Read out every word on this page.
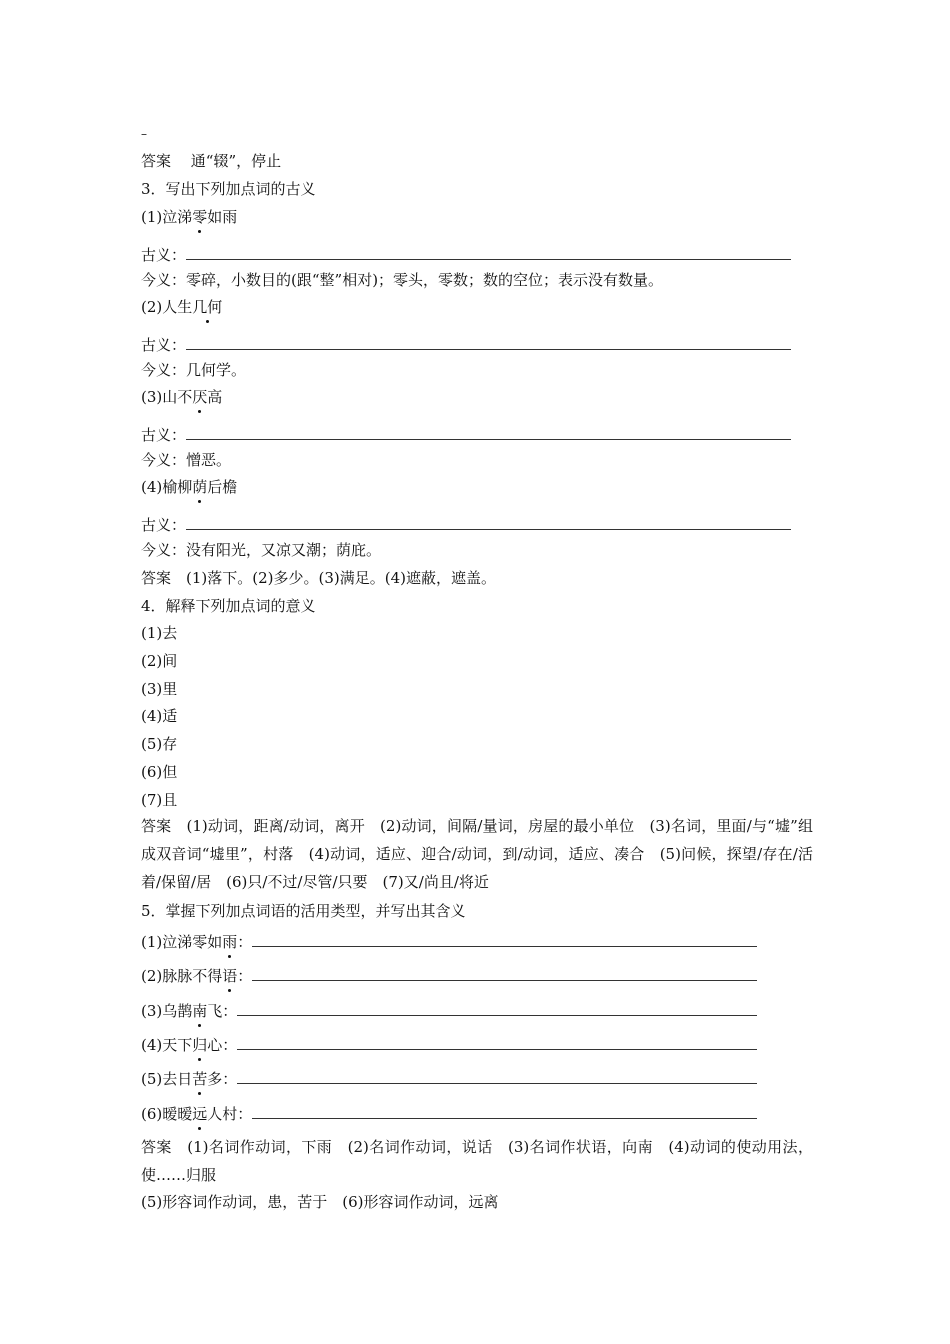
–
答案　 通“辍”，停止
3．写出下列加点词的古义
(1)泣涕零如雨
古义：
今义：零碎，小数目的(跟“整”相对)；零头，零数；数的空位；表示没有数量。
(2)人生几何
古义：
今义：几何学。
(3)山不厌高
古义：
今义：憎恶。
(4)榆柳荫后檐
古义：
今义：没有阳光，又凉又潮；荫庇。
答案　 (1)落下。(2)多少。(3)满足。(4)遮蔽，遮盖。
4．解释下列加点词的意义
(1)去
(2)间
(3)里
(4)适
(5)存
(6)但
(7)且
答案　 (1)动词，距离/动词，离开　(2)动词，间隔/量词，房屋的最小单位　(3)名词，里面/与“墟”组成双音词“墟里”，村落　(4)动词，适应、迎合/动词，到/动词，适应、凑合　(5)问候，探望/存在/活着/保留/居　(6)只/不过/尽管/只要　(7)又/尚且/将近
5．掌握下列加点词语的活用类型，并写出其含义
(1)泣涕零如雨：
(2)脉脉不得语：
(3)乌鹊南飞：
(4)天下归心：
(5)去日苦多：
(6)暧暧远人村：
答案　 (1)名词作动词，下雨　(2)名词作动词，说话　(3)名词作状语，向南　(4)动词的使动用法，使……归服
(5)形容词作动词，患，苦于　(6)形容词作动词，远离
